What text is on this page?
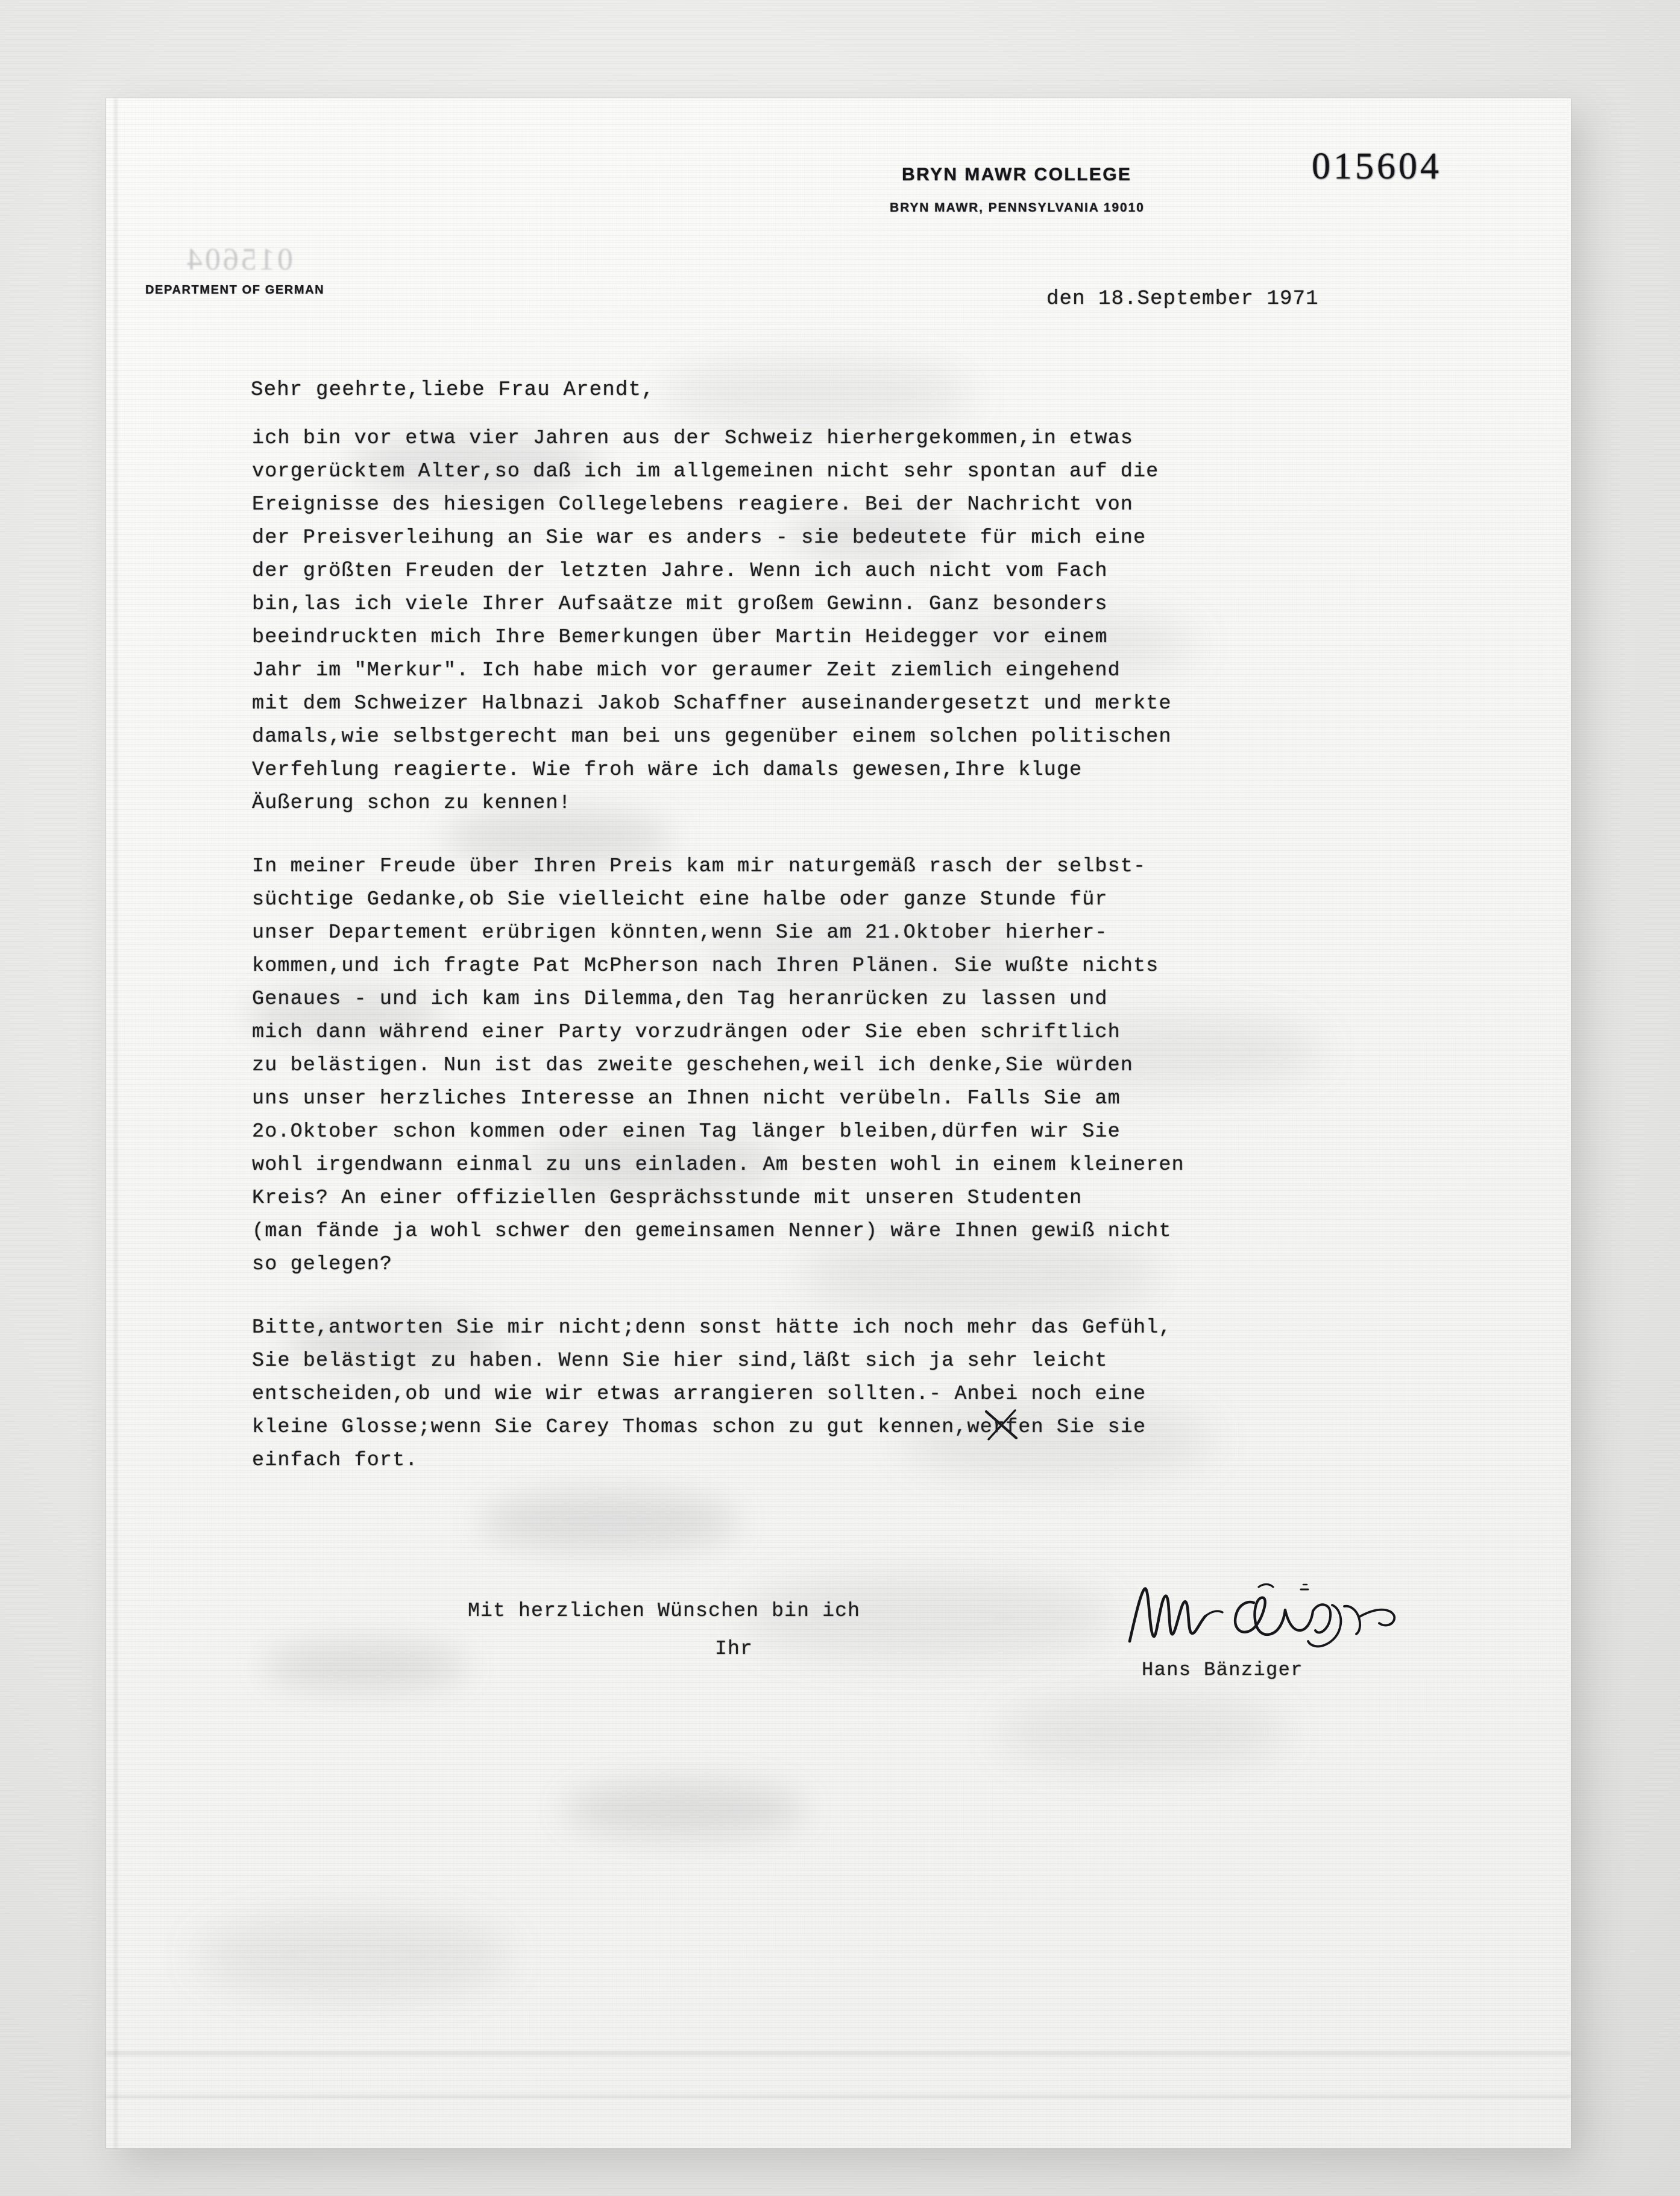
BRYN MAWR COLLEGE
BRYN MAWR, PENNSYLVANIA 19010
DEPARTMENT OF GERMAN
015604
015604
den 18.September 1971
Sehr geehrte,liebe Frau Arendt,
ich bin vor etwa vier Jahren aus der Schweiz hierhergekommen,in etwas
vorgerücktem Alter,so daß ich im allgemeinen nicht sehr spontan auf die
Ereignisse des hiesigen Collegelebens reagiere. Bei der Nachricht von
der Preisverleihung an Sie war es anders - sie bedeutete für mich eine
der größten Freuden der letzten Jahre. Wenn ich auch nicht vom Fach
bin,las ich viele Ihrer Aufsaätze mit großem Gewinn. Ganz besonders
beeindruckten mich Ihre Bemerkungen über Martin Heidegger vor einem
Jahr im "Merkur". Ich habe mich vor geraumer Zeit ziemlich eingehend
mit dem Schweizer Halbnazi Jakob Schaffner auseinandergesetzt und merkte
damals,wie selbstgerecht man bei uns gegenüber einem solchen politischen
Verfehlung reagierte. Wie froh wäre ich damals gewesen,Ihre kluge
Äußerung schon zu kennen!
In meiner Freude über Ihren Preis kam mir naturgemäß rasch der selbst-
süchtige Gedanke,ob Sie vielleicht eine halbe oder ganze Stunde für
unser Departement erübrigen könnten,wenn Sie am 21.Oktober hierher-
kommen,und ich fragte Pat McPherson nach Ihren Plänen. Sie wußte nichts
Genaues - und ich kam ins Dilemma,den Tag heranrücken zu lassen und
mich dann während einer Party vorzudrängen oder Sie eben schriftlich
zu belästigen. Nun ist das zweite geschehen,weil ich denke,Sie würden
uns unser herzliches Interesse an Ihnen nicht verübeln. Falls Sie am
2o.Oktober schon kommen oder einen Tag länger bleiben,dürfen wir Sie
wohl irgendwann einmal zu uns einladen. Am besten wohl in einem kleineren
Kreis? An einer offiziellen Gesprächsstunde mit unseren Studenten
(man fände ja wohl schwer den gemeinsamen Nenner) wäre Ihnen gewiß nicht
so gelegen?
Bitte,antworten Sie mir nicht;denn sonst hätte ich noch mehr das Gefühl,
Sie belästigt zu haben. Wenn Sie hier sind,läßt sich ja sehr leicht
entscheiden,ob und wie wir etwas arrangieren sollten.- Anbei noch eine
kleine Glosse;wenn Sie Carey Thomas schon zu gut kennen,werfen Sie sie
einfach fort.
Mit herzlichen Wünschen bin ich
Ihr
Hans Bänziger
